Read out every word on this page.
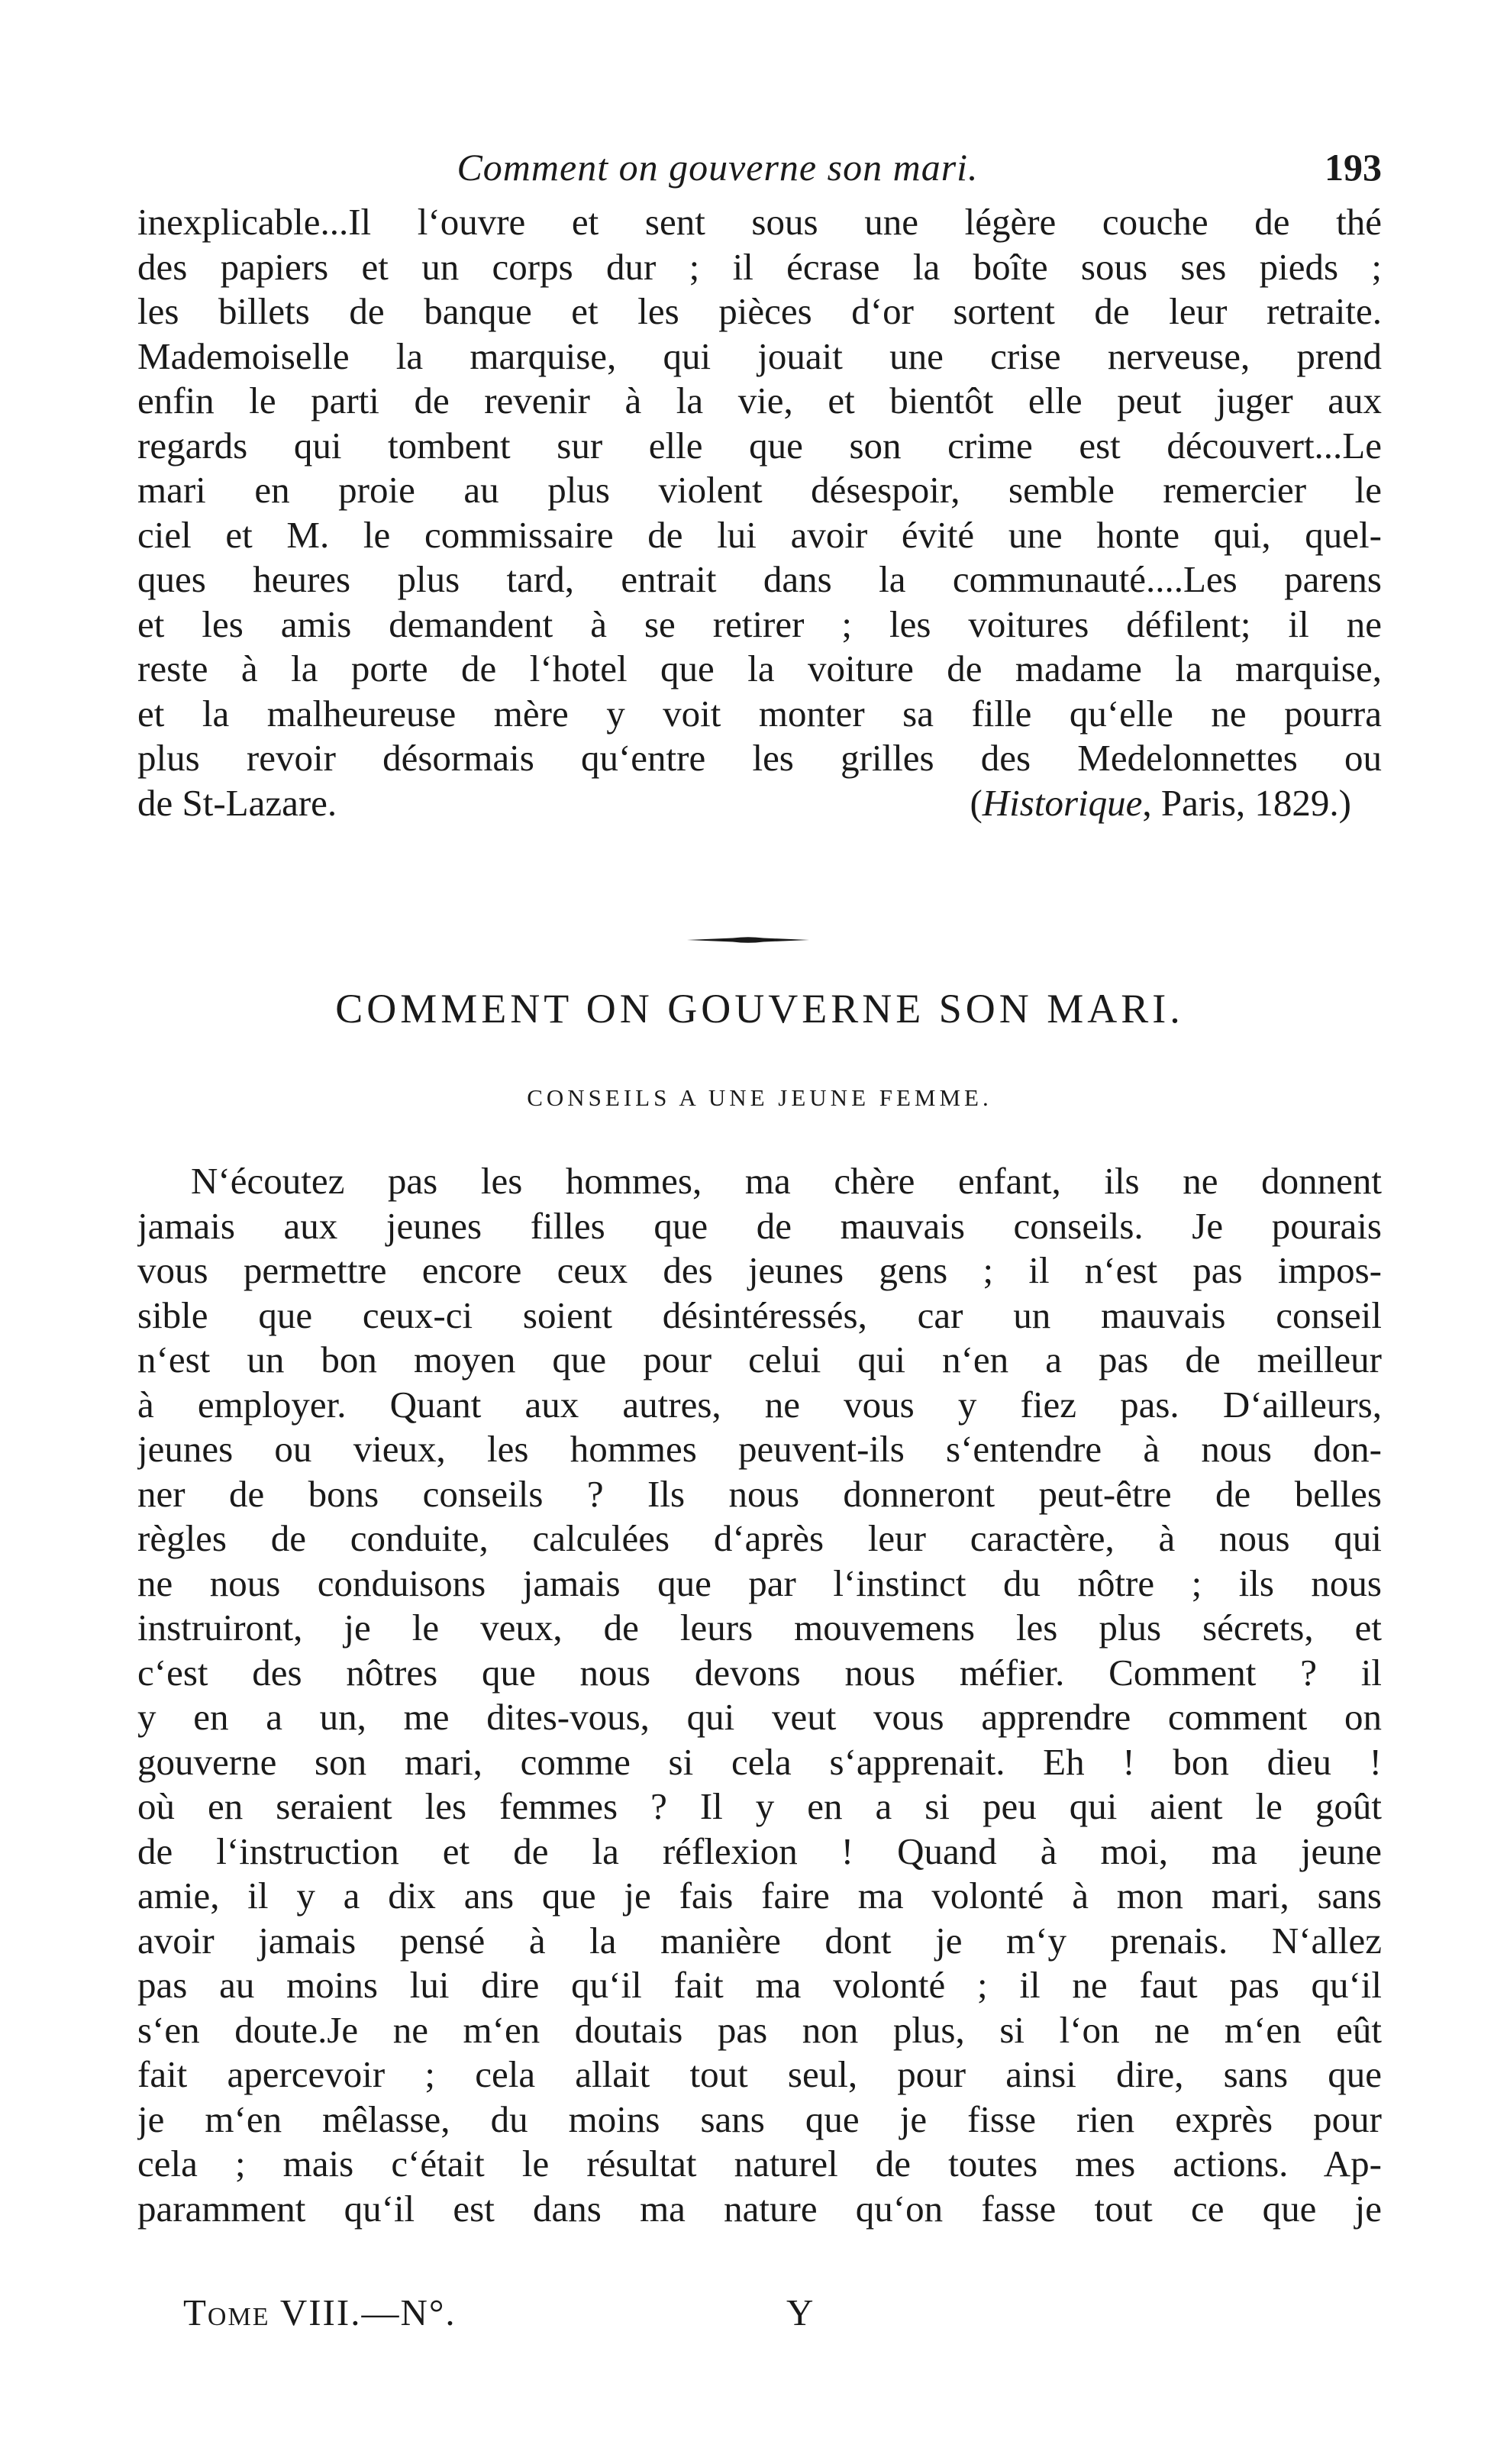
Comment on gouverne son mari.	193
inexplicable...Il l‘ouvre et sent sous une légère couche de thé
des papiers et un corps dur ; il écrase la boîte sous ses pieds ;
les billets de banque et les pièces d‘or sortent de leur retraite.
Mademoiselle la marquise, qui jouait une crise nerveuse, prend
enfin le parti de revenir à la vie, et bientôt elle peut juger aux
regards qui tombent sur elle que son crime est découvert...Le
mari en proie au plus violent désespoir, semble remercier le
ciel et M. le commissaire de lui avoir évité une honte qui, quel-
ques heures plus tard, entrait dans la communauté....Les parens
et les amis demandent à se retirer ; les voitures défilent; il ne
reste à la porte de l‘hotel que la voiture de madame la marquise,
et la malheureuse mère y voit monter sa fille qu‘elle ne pourra
plus revoir désormais qu‘entre les grilles des Medelonnettes ou
de St-Lazare.	(Historique, Paris, 1829.)
COMMENT ON GOUVERNE SON MARI.
CONSEILS A UNE JEUNE FEMME.
N‘écoutez pas les hommes, ma chère enfant, ils ne donnent
jamais aux jeunes filles que de mauvais conseils. Je pourais
vous permettre encore ceux des jeunes gens ; il n‘est pas impos-
sible que ceux-ci soient désintéressés, car un mauvais conseil
n‘est un bon moyen que pour celui qui n‘en a pas de meilleur
à employer. Quant aux autres, ne vous y fiez pas. D‘ailleurs,
jeunes ou vieux, les hommes peuvent-ils s‘entendre à nous don-
ner de bons conseils ? Ils nous donneront peut-être de belles
règles de conduite, calculées d‘après leur caractère, à nous qui
ne nous conduisons jamais que par l‘instinct du nôtre ; ils nous
instruiront, je le veux, de leurs mouvemens les plus sécrets, et
c‘est des nôtres que nous devons nous méfier. Comment ? il
y en a un, me dites-vous, qui veut vous apprendre comment on
gouverne son mari, comme si cela s‘apprenait. Eh ! bon dieu !
où en seraient les femmes ? Il y en a si peu qui aient le goût
de l‘instruction et de la réflexion ! Quand à moi, ma jeune
amie, il y a dix ans que je fais faire ma volonté à mon mari, sans
avoir jamais pensé à la manière dont je m‘y prenais. N‘allez
pas au moins lui dire qu‘il fait ma volonté ; il ne faut pas qu‘il
s‘en doute.Je ne m‘en doutais pas non plus, si l‘on ne m‘en eût
fait apercevoir ; cela allait tout seul, pour ainsi dire, sans que
je m‘en mêlasse, du moins sans que je fisse rien exprès pour
cela ; mais c‘était le résultat naturel de toutes mes actions. Ap-
paramment qu‘il est dans ma nature qu‘on fasse tout ce que je
Tome VIII.—N°.	Y
